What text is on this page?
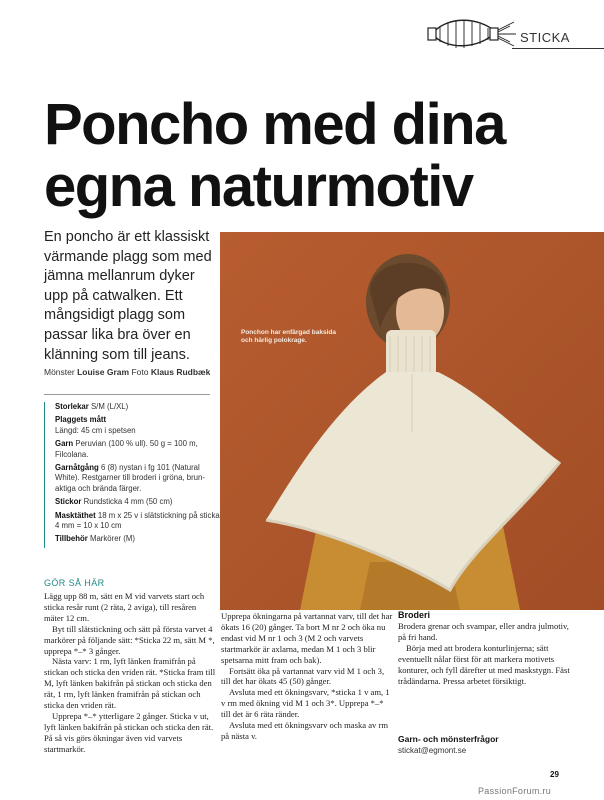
STICKA
Poncho med dina
egna naturmotiv
En poncho är ett klassiskt värmande plagg som med jämna mellanrum dyker upp på catwalken. Ett mångsidigt plagg som passar lika bra över en klänning som till jeans.
Mönster Louise Gram Foto Klaus Rudbæk

Storlekar S/M (L/XL)

Plaggets mått
Längd: 45 cm i spetsen

Garn Peruvian (100 % ull). 50 g = 100 m, Filcolana.

Garnåtgång 6 (8) nystan i fg 101 (Natural White). Restgarner till broderi i gröna, brun-aktiga och brända färger.

Stickor Rundsticka 4 mm (50 cm)

Masktäthet 18 m x 25 v i slätstickning på sticka 4 mm = 10 x 10 cm

Tillbehör Markörer (M)

GÖR SÅ HÄR

Lägg upp 88 m, sätt en M vid varvets start och sticka resår runt (2 räta, 2 aviga), till resåren mäter 12 cm.

Byt till slätstickning och sätt på första varvet 4 markörer på följande sätt: *Sticka 22 m, sätt M *, upprepa *–* 3 gånger.

Nästa varv: 1 rm, lyft länken framifrån på stickan och sticka den vriden rät. *Sticka fram till M, lyft länken bakifrån på stickan och sticka den rät, 1 rm, lyft länken framifrån på stickan och sticka den vriden rät.

Upprepa *–* ytterligare 2 gånger. Sticka v ut, lyft länken bakifrån på stickan och sticka den rät. På så vis görs ökningar även vid varvets startmarkör.

Upprepa ökningarna på vartannat varv, till det har ökats 16 (20) gånger. Ta bort M nr 2 och öka nu endast vid M nr 1 och 3 (M 2 och varvets startmarkör är axlarna, medan M 1 och 3 blir spetsarna mitt fram och bak).

Fortsätt öka på vartannat varv vid M 1 och 3, till det har ökats 45 (50) gånger.

Avsluta med ett ökningsvarv, *sticka 1 v am, 1 v rm med ökning vid M 1 och 3*. Upprepa *–* till det är 6 räta ränder.

Avsluta med ett ökningsvarv och maska av rm på nästa v.

Broderi

Brodera grenar och svampar, eller andra julmotiv, på fri hand.

Börja med att brodera konturlinjerna; sätt eventuellt nålar först för att markera motivets konturer, och fyll därefter ut med maskstygn. Fäst trådändarna. Pressa arbetet försiktigt.

Garn- och mönsterfrågor
stickat@egmont.se
Ponchon har enfärgad baksida och härlig polokrage.
29
PassionForum.ru
